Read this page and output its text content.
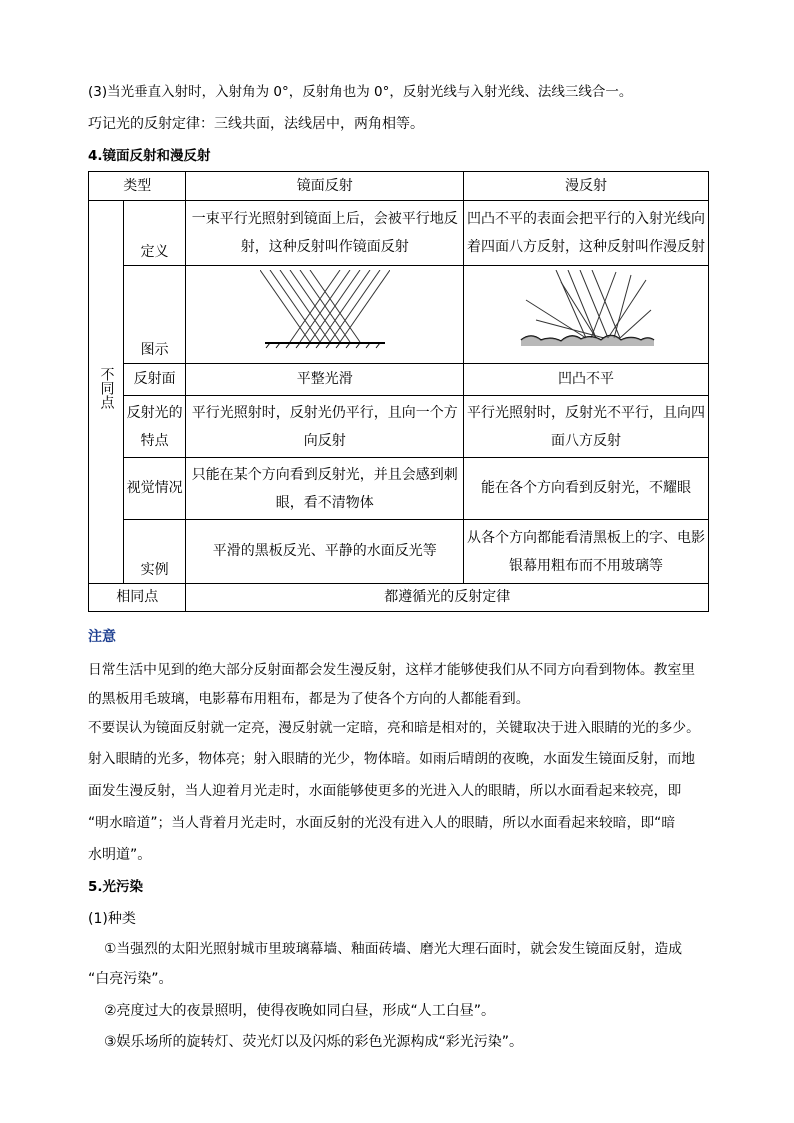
(3)当光垂直入射时，入射角为 0°，反射角也为 0°，反射光线与入射光线、法线三线合一。
巧记光的反射定律：三线共面，法线居中，两角相等。
4.镜面反射和漫反射
类型		镜面反射	漫反射
不同点	定义	一束平行光照射到镜面上后，会被平行地反射，这种反射叫作镜面反射	凹凸不平的表面会把平行的入射光线向着四面八方反射，这种反射叫作漫反射
	图示		
	反射面	平整光滑	凹凸不平
	反射光的特点	平行光照射时，反射光仍平行，且向一个方向反射	平行光照射时，反射光不平行，且向四面八方反射
	视觉情况	只能在某个方向看到反射光，并且会感到刺眼，看不清物体	能在各个方向看到反射光，不耀眼
	实例	平滑的黑板反光、平静的水面反光等	从各个方向都能看清黑板上的字、电影银幕用粗布而不用玻璃等
相同点		都遵循光的反射定律	
注意
日常生活中见到的绝大部分反射面都会发生漫反射，这样才能够使我们从不同方向看到物体。教室里
的黑板用毛玻璃，电影幕布用粗布，都是为了使各个方向的人都能看到。
不要误认为镜面反射就一定亮，漫反射就一定暗，亮和暗是相对的，关键取决于进入眼睛的光的多少。
射入眼睛的光多，物体亮；射入眼睛的光少，物体暗。如雨后晴朗的夜晚，水面发生镜面反射，而地
面发生漫反射，当人迎着月光走时，水面能够使更多的光进入人的眼睛，所以水面看起来较亮，即
“明水暗道”；当人背着月光走时，水面反射的光没有进入人的眼睛，所以水面看起来较暗，即“暗
水明道”。
5.光污染
(1)种类
①当强烈的太阳光照射城市里玻璃幕墙、釉面砖墙、磨光大理石面时，就会发生镜面反射，造成
“白亮污染”。
②亮度过大的夜景照明，使得夜晚如同白昼，形成“人工白昼”。
③娱乐场所的旋转灯、荧光灯以及闪烁的彩色光源构成“彩光污染”。
